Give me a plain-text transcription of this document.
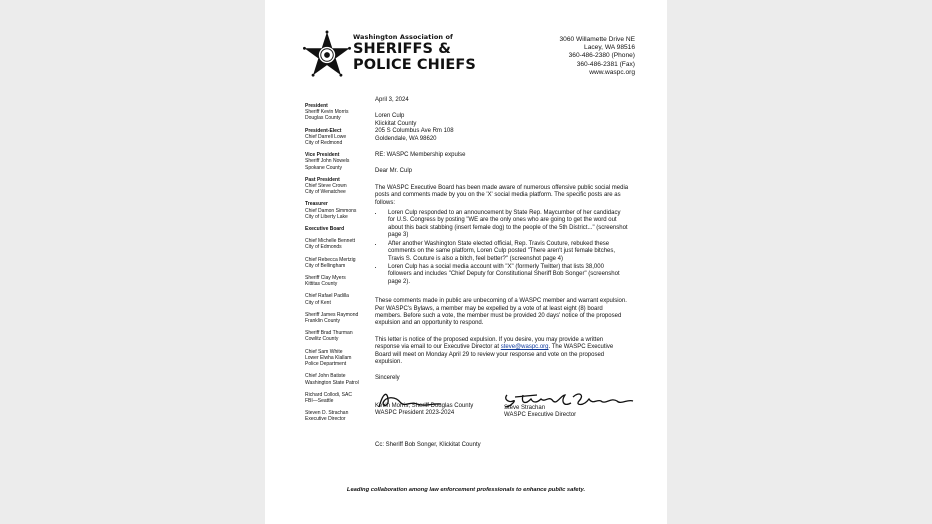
Washington Association of
SHERIFFS &
POLICE CHIEFS
3060 Willamette Drive NE
Lacey, WA 98516
360-486-2380 (Phone)
360-486-2381 (Fax)
www.waspc.org
President
Sheriff Kevin Morris
Douglas County
President-Elect
Chief Darrell Lowe
City of Redmond
Vice President
Sheriff John Nowels
Spokane County
Past President
Chief Steve Crown
City of Wenatchee
Treasurer
Chief Damon Simmons
City of Liberty Lake
Executive Board
Chief Michelle Bennett
City of Edmonds
Chief Rebecca Mertzig
City of Bellingham
Sheriff Clay Myers
Kittitas County
Chief Rafael Padilla
City of Kent
Sheriff James Raymond
Franklin County
Sheriff Brad Thurman
Cowlitz County
Chief Sam White
Lower Elwha Klallam
Police Department
Chief John Batiste
Washington State Patrol
Richard Collodi, SAC
FBI—Seattle
Steven D. Strachan
Executive Director
April 3, 2024
Loren Culp
Klickitat County
205 S Columbus Ave Rm 108
Goldendale, WA 98620
RE: WASPC Membership expulse
Dear Mr. Culp
The WASPC Executive Board has been made aware of numerous offensive public social media posts and comments made by you on the 'X' social media platform. The specific posts are as follows:
• Loren Culp responded to an announcement by State Rep. Maycumber of her candidacy for U.S. Congress by posting "WE are the only ones who are going to get the word out about this back stabbing (insert female dog) to the people of the 5th District..." (screenshot page 3)
• After another Washington State elected official, Rep. Travis Couture, rebuked these comments on the same platform, Loren Culp posted "There aren't just female bitches, Travis S. Couture is also a bitch, feel better?" (screenshot page 4)
• Loren Culp has a social media account with "X" (formerly Twitter) that lists 38,000 followers and includes "Chief Deputy for Constitutional Sheriff Bob Songer" (screenshot page 2).
These comments made in public are unbecoming of a WASPC member and warrant expulsion. Per WASPC's Bylaws, a member may be expelled by a vote of at least eight (8) board members. Before such a vote, the member must be provided 20 days' notice of the proposed expulsion and an opportunity to respond.
This letter is notice of the proposed expulsion. If you desire, you may provide a written response via email to our Executive Director at steve@waspc.org. The WASPC Executive Board will meet on Monday April 29 to review your response and vote on the proposed expulsion.
Sincerely
Kevin Morris, Sheriff Douglas County
WASPC President 2023-2024
Steve Strachan
WASPC Executive Director
Cc: Sheriff Bob Songer, Klickitat County
Leading collaboration among law enforcement professionals to enhance public safety.
